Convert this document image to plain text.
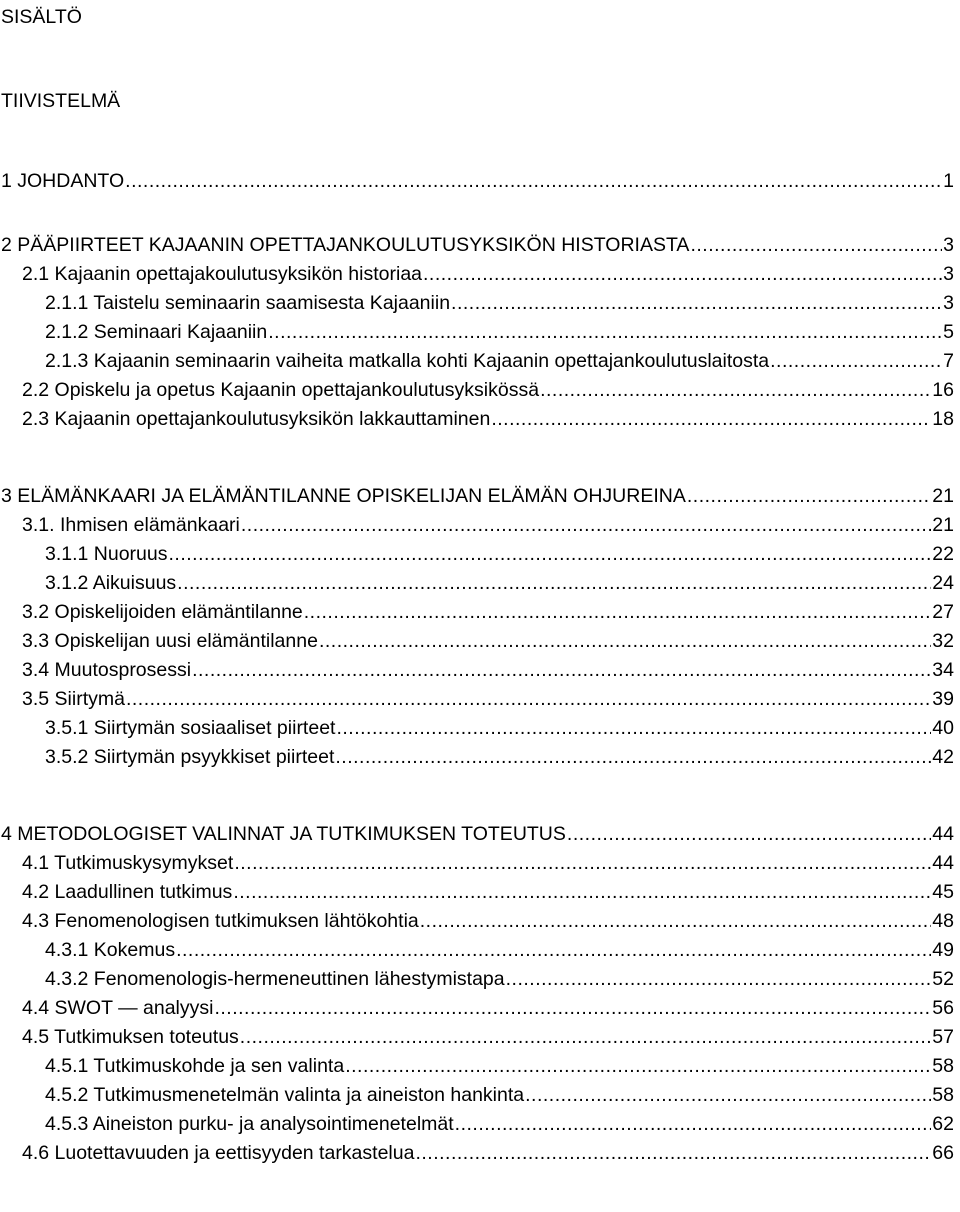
SISÄLTÖ
TIIVISTELMÄ
1 JOHDANTO .....	1
2 PÄÄPIIRTEET KAJAANIN OPETTAJANKOULUTUSYKSIKÖN HISTORIASTA .....	3
2.1 Kajaanin opettajakoulutusyksikön historiaa .....	3
2.1.1 Taistelu seminaarin saamisesta Kajaaniin .....	3
2.1.2 Seminaari Kajaaniin .....	5
2.1.3 Kajaanin seminaarin vaiheita matkalla kohti Kajaanin opettajankoulutuslaitosta .....	7
2.2 Opiskelu ja opetus Kajaanin opettajankoulutusyksikössä .....	16
2.3 Kajaanin opettajankoulutusyksikön lakkauttaminen .....	18
3 ELÄMÄNKAARI JA ELÄMÄNTILANNE OPISKELIJAN ELÄMÄN OHJUREINA .....	21
3.1. Ihmisen elämänkaari .....	21
3.1.1 Nuoruus .....	22
3.1.2 Aikuisuus .....	24
3.2 Opiskelijoiden elämäntilanne .....	27
3.3 Opiskelijan uusi elämäntilanne .....	32
3.4 Muutosprosessi .....	34
3.5 Siirtymä .....	39
3.5.1 Siirtymän sosiaaliset piirteet .....	40
3.5.2 Siirtymän psyykkiset piirteet .....	42
4 METODOLOGISET VALINNAT JA TUTKIMUKSEN TOTEUTUS .....	44
4.1 Tutkimuskysymykset .....	44
4.2 Laadullinen tutkimus .....	45
4.3 Fenomenologisen tutkimuksen lähtökohtia .....	48
4.3.1 Kokemus .....	49
4.3.2 Fenomenologis-hermeneuttinen lähestymistapa .....	52
4.4 SWOT — analyysi .....	56
4.5 Tutkimuksen toteutus .....	57
4.5.1 Tutkimuskohde ja sen valinta .....	58
4.5.2 Tutkimusmenetelmän valinta ja aineiston hankinta .....	58
4.5.3 Aineiston purku- ja analysointimenetelmät .....	62
4.6 Luotettavuuden ja eettisyyden tarkastelua .....	66
